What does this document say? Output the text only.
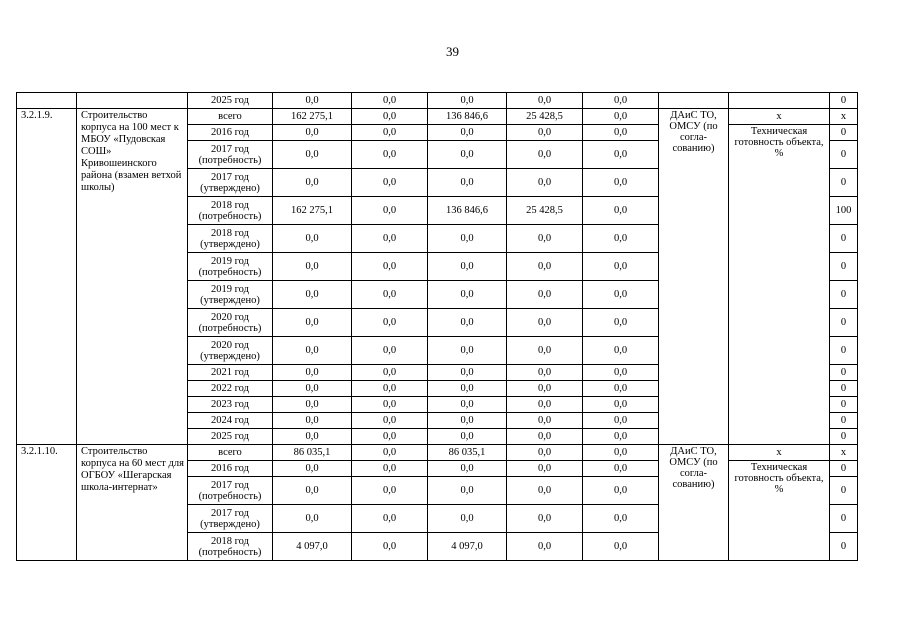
39
		2025 год	0,0	0,0	0,0	0,0	0,0			0
3.2.1.9.	Строительство корпуса на 100 мест к МБОУ «Пудовская СОШ» Кривошеинского района (взамен ветхой школы)	всего	162 275,1	0,0	136 846,6	25 428,5	0,0	ДАиС ТО, ОМСУ (по согла-сованию)	х	х
		2016 год	0,0	0,0	0,0	0,0	0,0		Техническая готовность объекта, %	0
		2017 год (потребность)	0,0	0,0	0,0	0,0	0,0			0
		2017 год (утверждено)	0,0	0,0	0,0	0,0	0,0			0
		2018 год (потребность)	162 275,1	0,0	136 846,6	25 428,5	0,0			100
		2018 год (утверждено)	0,0	0,0	0,0	0,0	0,0			0
		2019 год (потребность)	0,0	0,0	0,0	0,0	0,0			0
		2019 год (утверждено)	0,0	0,0	0,0	0,0	0,0			0
		2020 год (потребность)	0,0	0,0	0,0	0,0	0,0			0
		2020 год (утверждено)	0,0	0,0	0,0	0,0	0,0			0
		2021 год	0,0	0,0	0,0	0,0	0,0			0
		2022 год	0,0	0,0	0,0	0,0	0,0			0
		2023 год	0,0	0,0	0,0	0,0	0,0			0
		2024 год	0,0	0,0	0,0	0,0	0,0			0
		2025 год	0,0	0,0	0,0	0,0	0,0			0
3.2.1.10.	Строительство корпуса на 60 мест для ОГБОУ «Шегарская школа-интернат»	всего	86 035,1	0,0	86 035,1	0,0	0,0	ДАиС ТО, ОМСУ (по согла-сованию)	х	х
		2016 год	0,0	0,0	0,0	0,0	0,0		Техническая готовность объекта, %	0
		2017 год (потребность)	0,0	0,0	0,0	0,0	0,0			0
		2017 год (утверждено)	0,0	0,0	0,0	0,0	0,0			0
		2018 год (потребность)	4 097,0	0,0	4 097,0	0,0	0,0			0
